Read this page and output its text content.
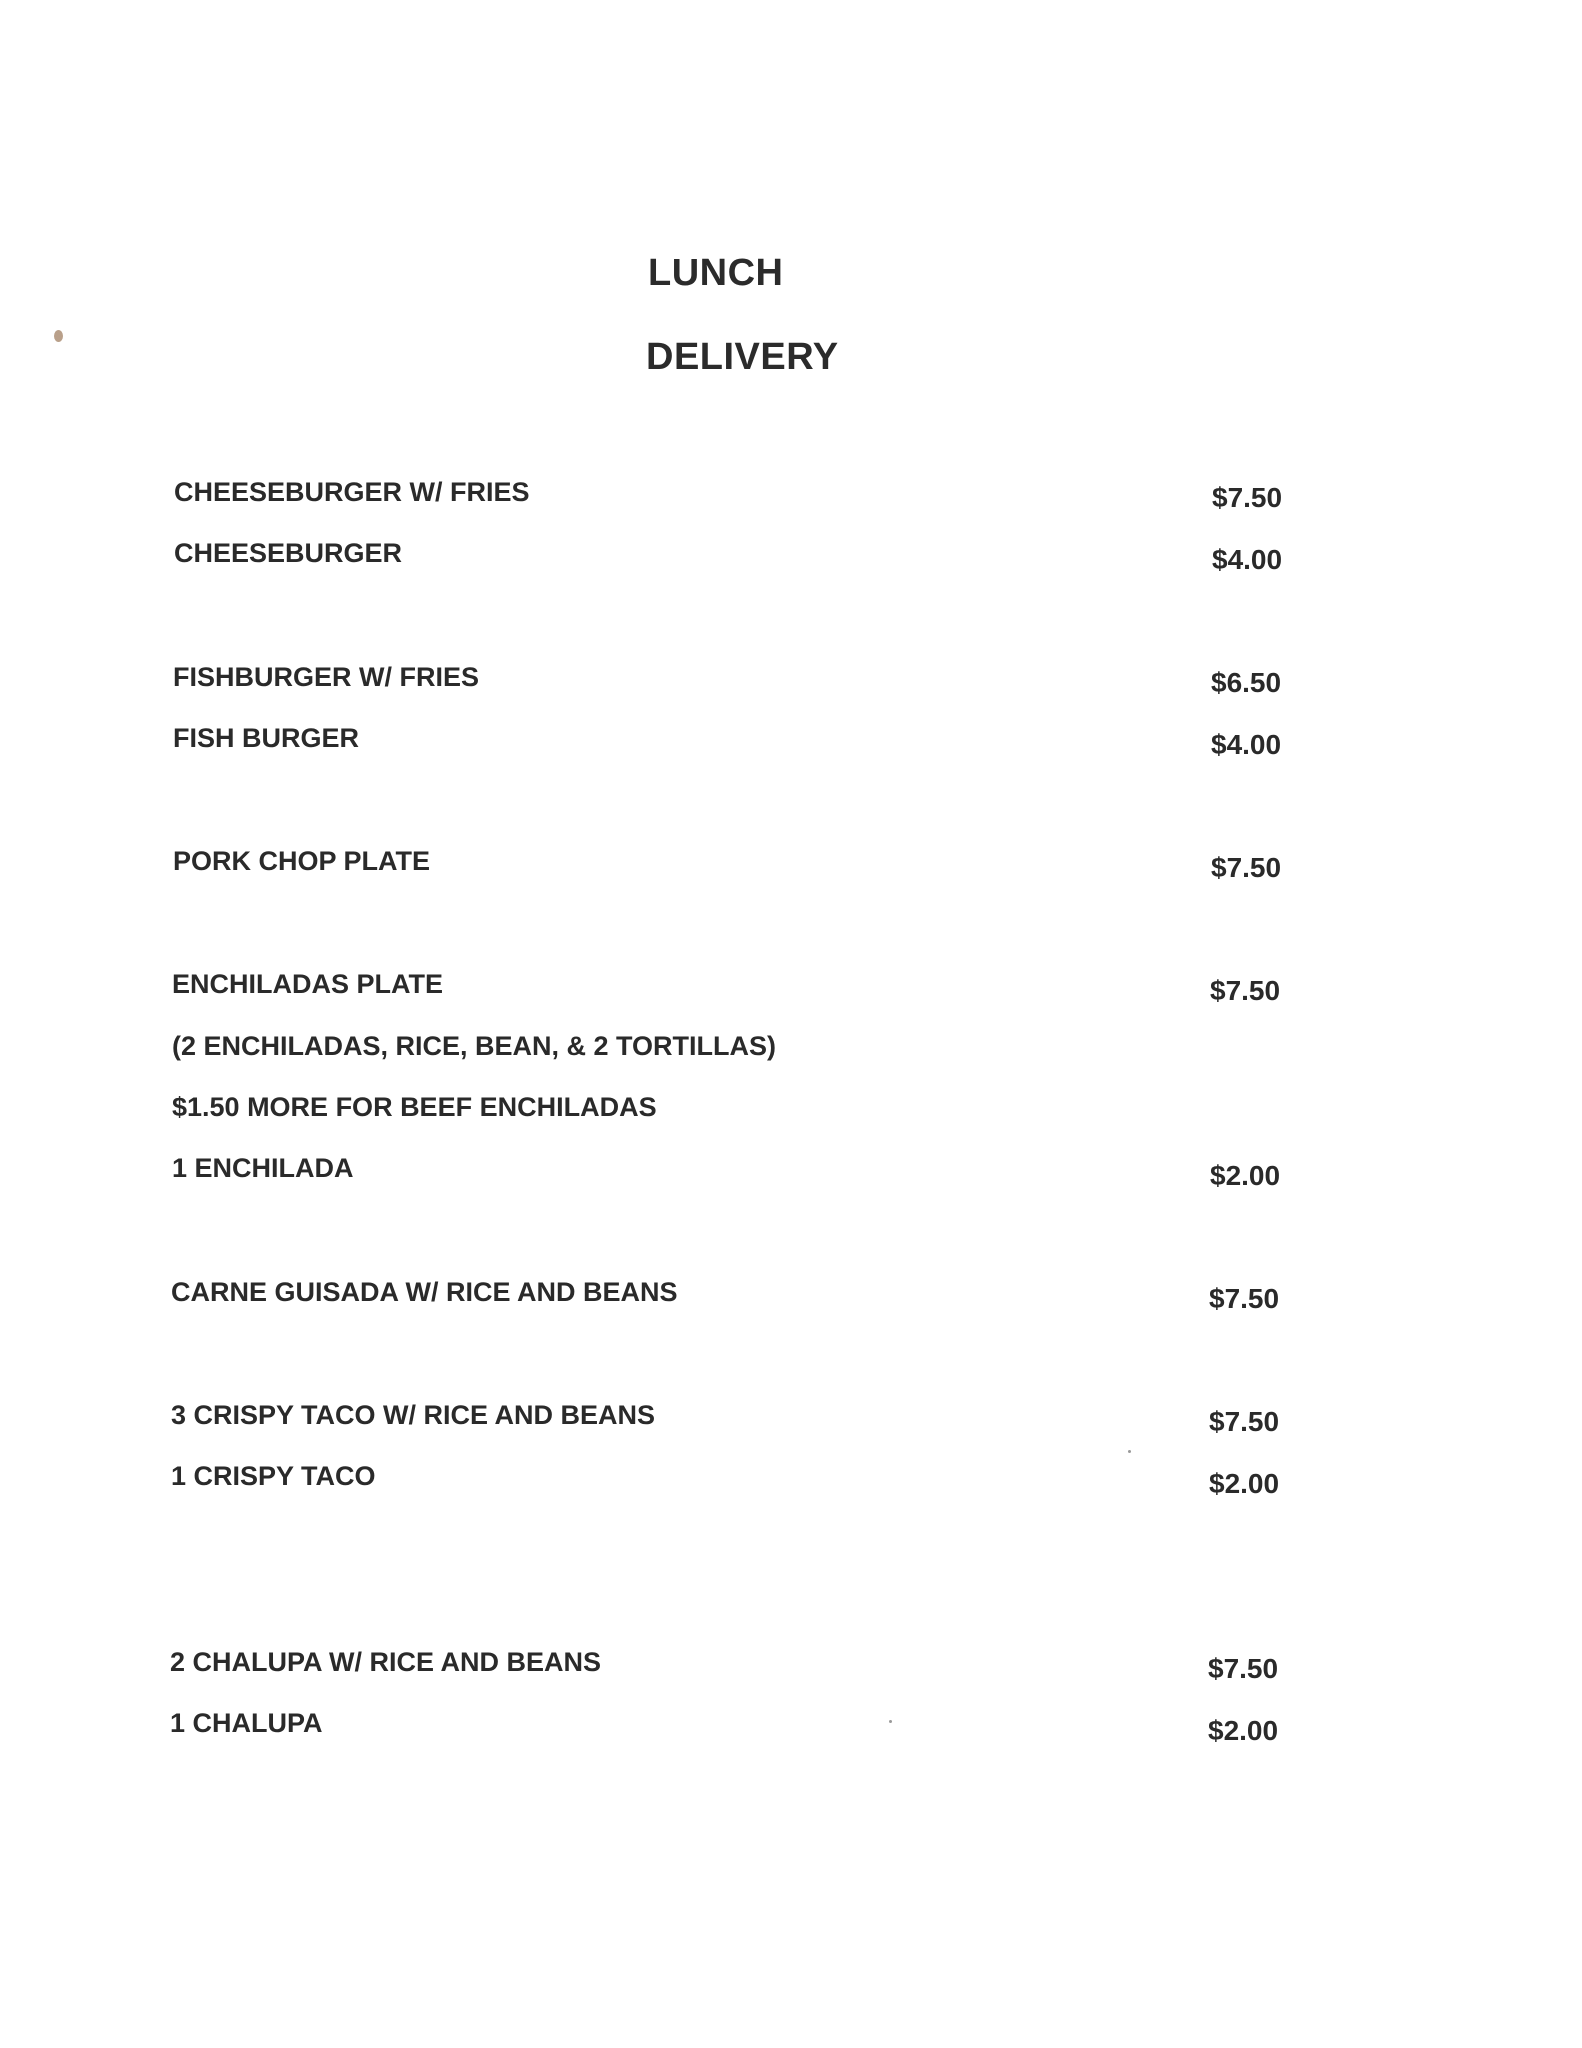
LUNCH
DELIVERY
CHEESEBURGER W/ FRIES	$7.50
CHEESEBURGER	$4.00
FISHBURGER W/ FRIES	$6.50
FISH BURGER	$4.00
PORK CHOP PLATE	$7.50
ENCHILADAS PLATE	$7.50
(2 ENCHILADAS, RICE, BEAN, & 2 TORTILLAS)
$1.50 MORE FOR BEEF ENCHILADAS
1 ENCHILADA	$2.00
CARNE GUISADA W/ RICE AND BEANS	$7.50
3 CRISPY TACO W/ RICE AND BEANS	$7.50
1 CRISPY TACO	$2.00
2 CHALUPA W/ RICE AND BEANS	$7.50
1 CHALUPA	$2.00
